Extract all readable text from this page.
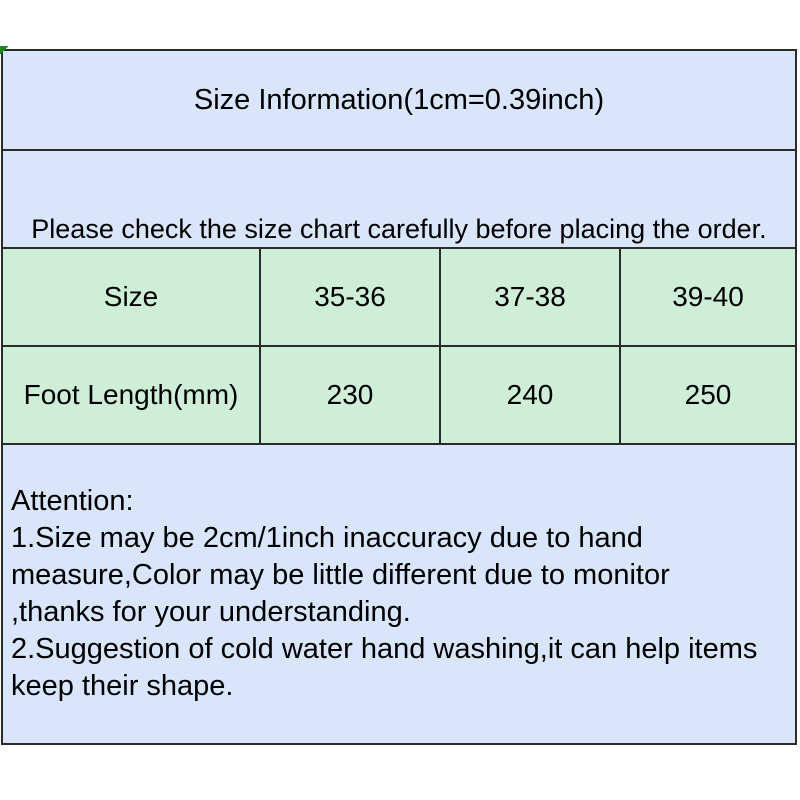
Size Information(1cm=0.39inch)
Please check the size chart carefully before placing the order.
Size	35-36	37-38	39-40
Foot Length(mm)	230	240	250
Attention:
1.Size may be 2cm/1inch inaccuracy due to hand
measure,Color may be little different due to monitor
,thanks for your understanding.
2.Suggestion of cold water hand washing,it can help items
keep their shape.
